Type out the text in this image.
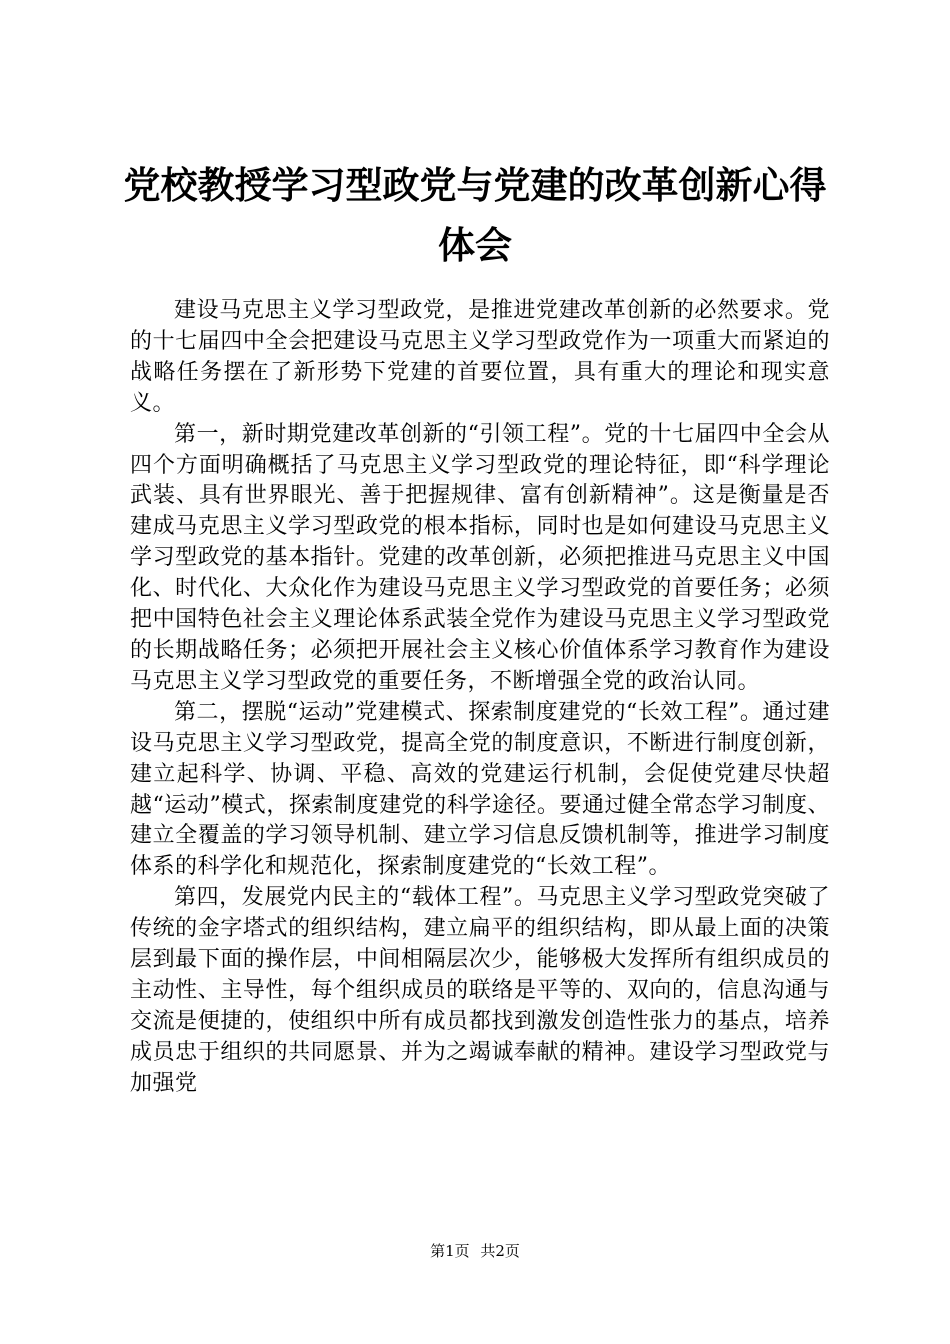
党校教授学习型政党与党建的改革创新心得体会

建设马克思主义学习型政党，是推进党建改革创新的必然要求。党的十七届四中全会把建设马克思主义学习型政党作为一项重大而紧迫的战略任务摆在了新形势下党建的首要位置，具有重大的理论和现实意义。

第一，新时期党建改革创新的“引领工程”。党的十七届四中全会从四个方面明确概括了马克思主义学习型政党的理论特征，即“科学理论武装、具有世界眼光、善于把握规律、富有创新精神”。这是衡量是否建成马克思主义学习型政党的根本指标，同时也是如何建设马克思主义学习型政党的基本指针。党建的改革创新，必须把推进马克思主义中国化、时代化、大众化作为建设马克思主义学习型政党的首要任务；必须把中国特色社会主义理论体系武装全党作为建设马克思主义学习型政党的长期战略任务；必须把开展社会主义核心价值体系学习教育作为建设马克思主义学习型政党的重要任务，不断增强全党的政治认同。

第二，摆脱“运动”党建模式、探索制度建党的“长效工程”。通过建设马克思主义学习型政党，提高全党的制度意识，不断进行制度创新，建立起科学、协调、平稳、高效的党建运行机制，会促使党建尽快超越“运动”模式，探索制度建党的科学途径。要通过健全常态学习制度、建立全覆盖的学习领导机制、建立学习信息反馈机制等，推进学习制度体系的科学化和规范化，探索制度建党的“长效工程”。

第四，发展党内民主的“载体工程”。马克思主义学习型政党突破了传统的金字塔式的组织结构，建立扁平的组织结构，即从最上面的决策层到最下面的操作层，中间相隔层次少，能够极大发挥所有组织成员的主动性、主导性，每个组织成员的联络是平等的、双向的，信息沟通与交流是便捷的，使组织中所有成员都找到激发创造性张力的基点，培养成员忠于组织的共同愿景、并为之竭诚奉献的精神。建设学习型政党与加强党

第1页 共2页
